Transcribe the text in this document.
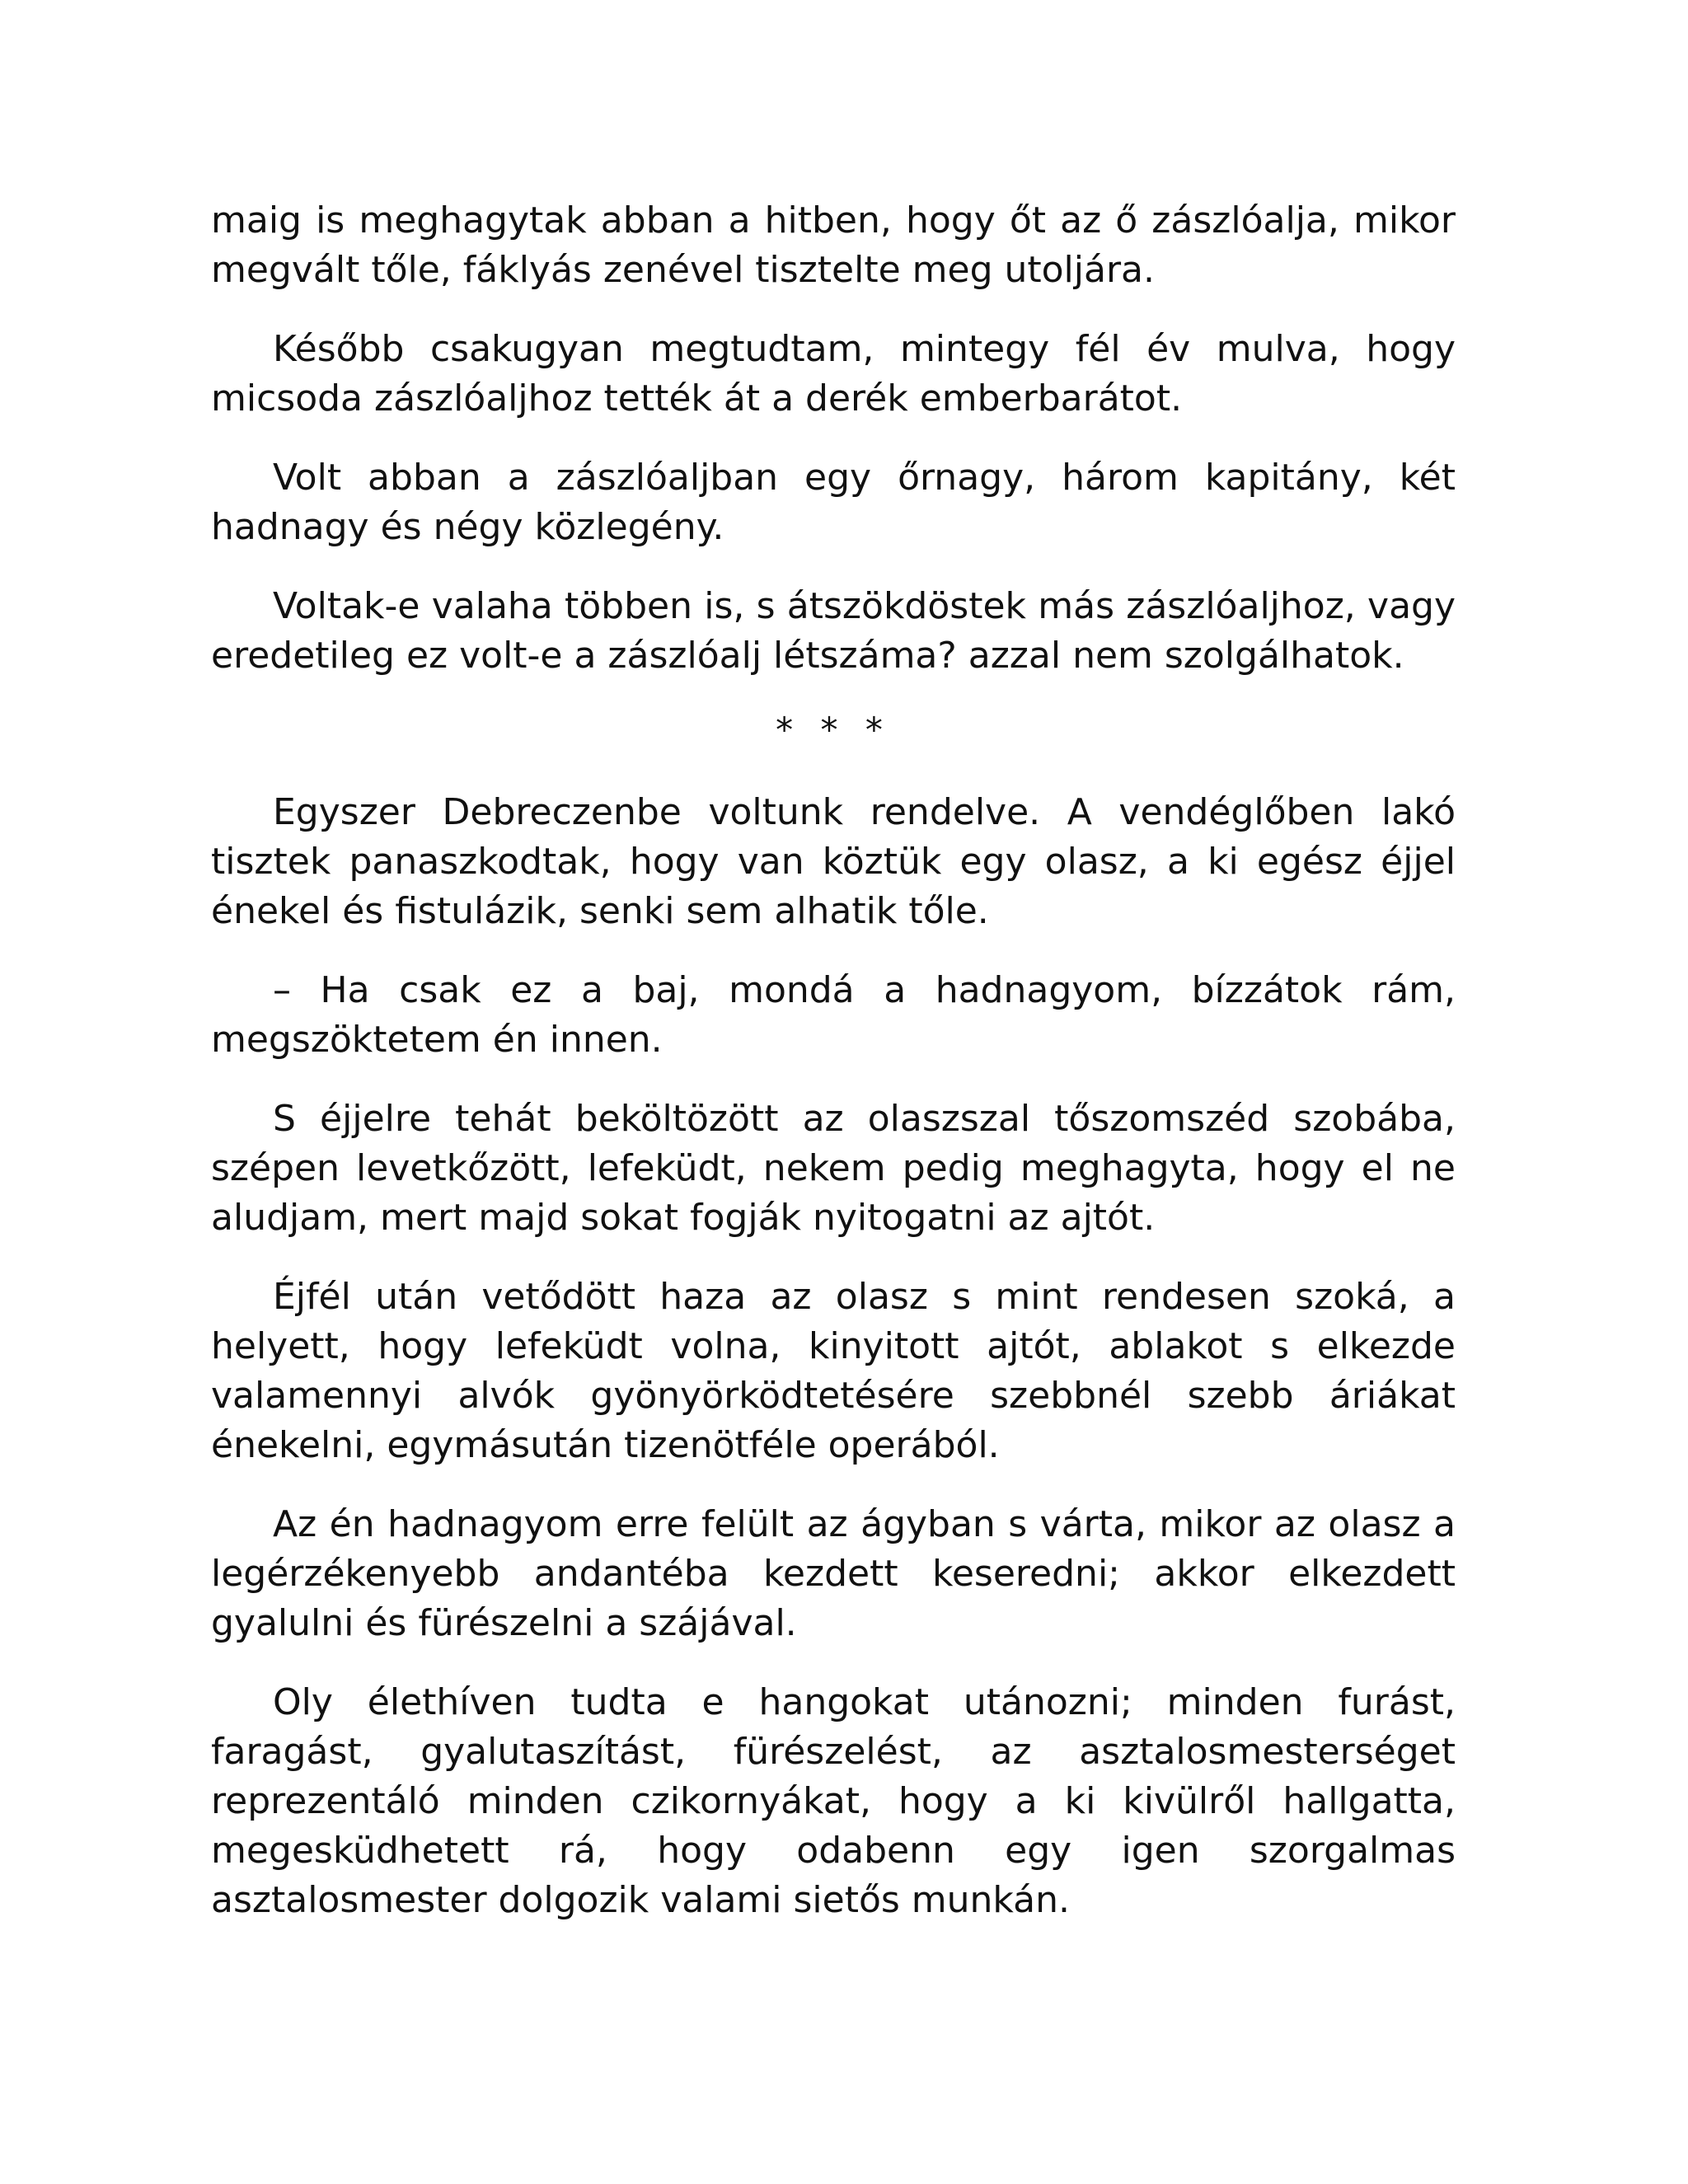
maig is meghagytak abban a hitben, hogy őt az ő zászlóalja, mikor megvált tőle, fáklyás zenével tisztelte meg utoljára.

Később csakugyan megtudtam, mintegy fél év mulva, hogy micsoda zászlóaljhoz tették át a derék emberbarátot.

Volt abban a zászlóaljban egy őrnagy, három kapitány, két hadnagy és négy közlegény.

Voltak-e valaha többen is, s átszökdöstek más zászlóaljhoz, vagy eredetileg ez volt-e a zászlóalj létszáma? azzal nem szolgálhatok.

* * *

Egyszer Debreczenbe voltunk rendelve. A vendéglőben lakó tisztek panaszkodtak, hogy van köztük egy olasz, a ki egész éjjel énekel és fistulázik, senki sem alhatik tőle.

– Ha csak ez a baj, mondá a hadnagyom, bízzátok rám, megszöktetem én innen.

S éjjelre tehát beköltözött az olaszszal tőszomszéd szobába, szépen levetkőzött, lefeküdt, nekem pedig meghagyta, hogy el ne aludjam, mert majd sokat fogják nyitogatni az ajtót.

Éjfél után vetődött haza az olasz s mint rendesen szoká, a helyett, hogy lefeküdt volna, kinyitott ajtót, ablakot s elkezde valamennyi alvók gyönyörködtetésére szebbnél szebb áriákat énekelni, egymásután tizenötféle operából.

Az én hadnagyom erre felült az ágyban s várta, mikor az olasz a legérzékenyebb andantéba kezdett keseredni; akkor elkezdett gyalulni és fürészelni a szájával.

Oly élethíven tudta e hangokat utánozni; minden furást, faragást, gyalutaszítást, fürészelést, az asztalosmesterséget reprezentáló minden czikornyákat, hogy a ki kivülről hallgatta, megesküdhetett rá, hogy odabenn egy igen szorgalmas asztalosmester dolgozik valami sietős munkán.
